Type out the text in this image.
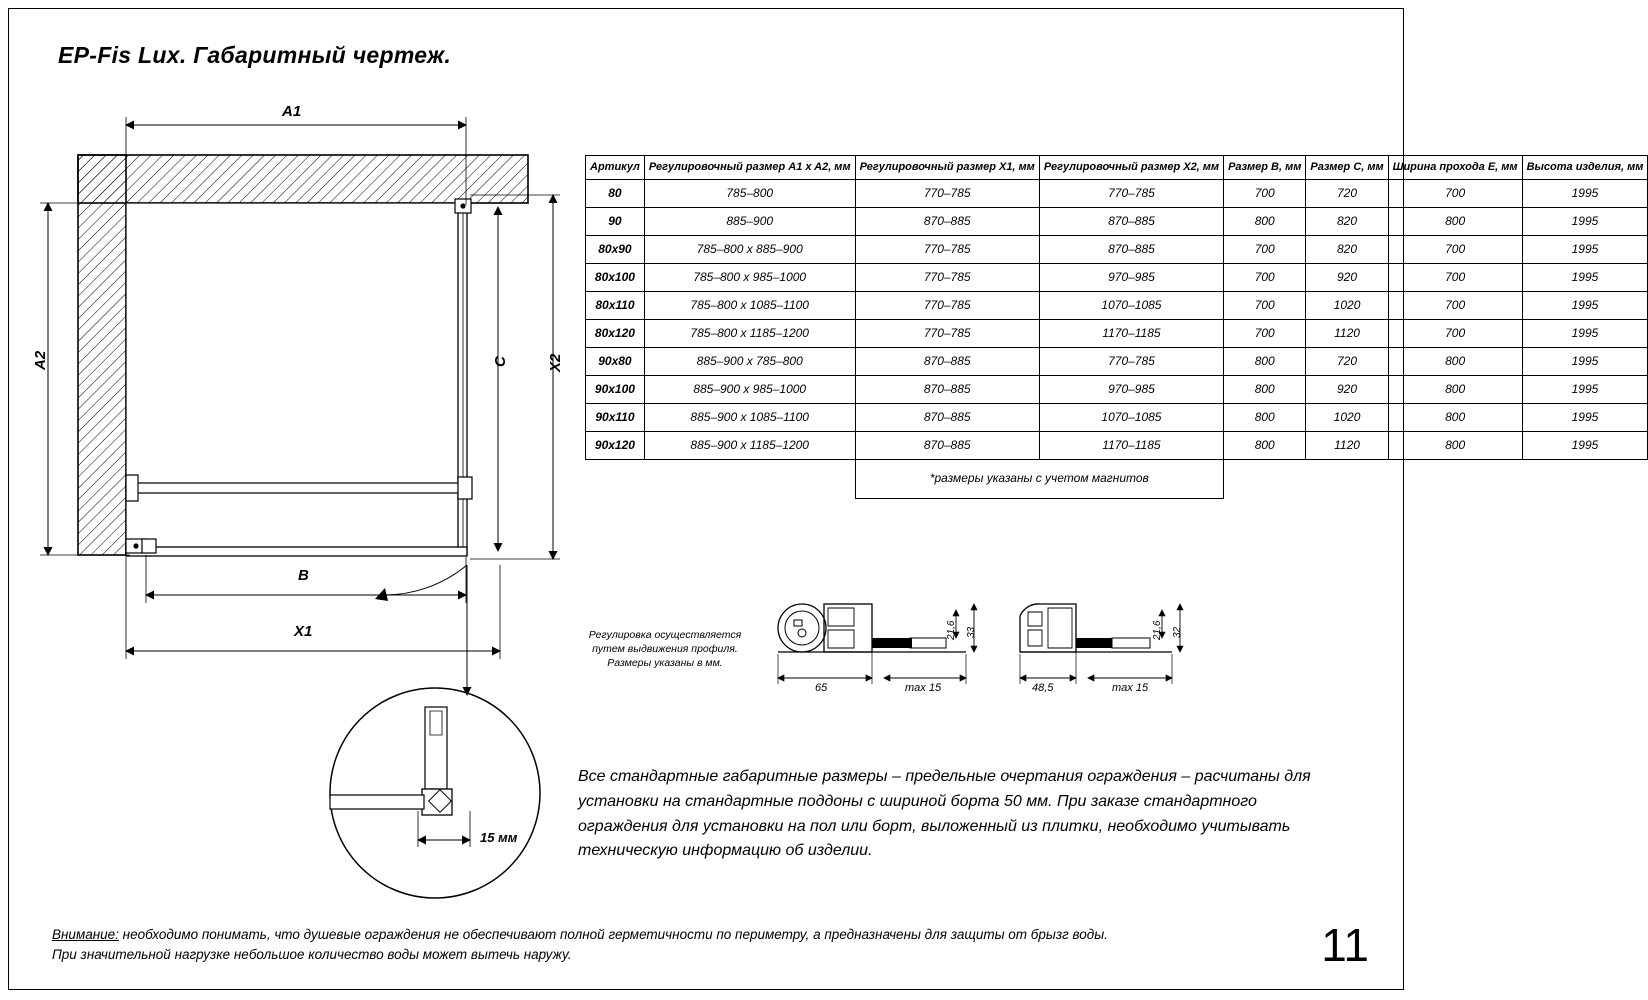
EP-Fis Lux. Габаритный чертеж.
A1
A2	C	X2
B
X1
15 мм
Артикул	Регулировочный размер A1 x A2, мм	Регулировочный размер X1, мм	Регулировочный размер X2, мм	Размер B, мм	Размер C, мм	Ширина прохода E, мм	Высота изделия, мм
80	785–800	770–785	770–785	700	720	700	1995
90	885–900	870–885	870–885	800	820	800	1995
80x90	785–800 х 885–900	770–785	870–885	700	820	700	1995
80x100	785–800 х 985–1000	770–785	970–985	700	920	700	1995
80x110	785–800 х 1085–1100	770–785	1070–1085	700	1020	700	1995
80x120	785–800 х 1185–1200	770–785	1170–1185	700	1120	700	1995
90x80	885–900 х 785–800	870–885	770–785	800	720	800	1995
90x100	885–900 х 985–1000	870–885	970–985	800	920	800	1995
90x110	885–900 х 1085–1100	870–885	1070–1085	800	1020	800	1995
90x120	885–900 х 1185–1200	870–885	1170–1185	800	1120	800	1995
		*размеры указаны с учетом магнитов					
Регулировка осуществляется путем выдвижения профиля. Размеры указаны в мм.
21,6 33
65	max 15
21,6 32
48,5	max 15
Все стандартные габаритные размеры – предельные очертания ограждения – расчитаны для установки на стандартные поддоны с шириной борта 50 мм. При заказе стандартного ограждения для установки на пол или борт, выложенный из плитки, необходимо учитывать техническую информацию об изделии.
Внимание: необходимо понимать, что душевые ограждения не обеспечивают полной герметичности по периметру, а предназначены для защиты от брызг воды. При значительной нагрузке небольшое количество воды может вытечь наружу.	11
